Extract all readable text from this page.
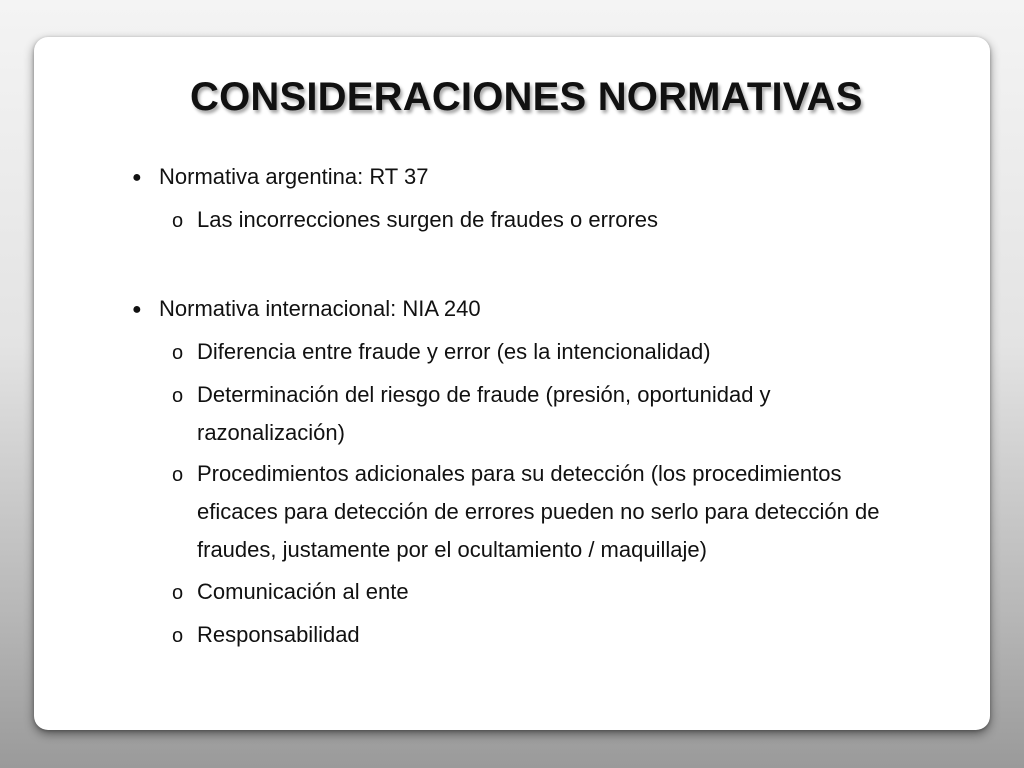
CONSIDERACIONES NORMATIVAS
● Normativa argentina: RT 37
o Las incorrecciones surgen de fraudes o errores
● Normativa internacional: NIA 240
o Diferencia entre fraude y error (es la intencionalidad)
o Determinación del riesgo de fraude (presión, oportunidad y
razonalización)
o Procedimientos adicionales para su detección (los procedimientos
eficaces para detección de errores pueden no serlo para detección de
fraudes, justamente por el ocultamiento / maquillaje)
o Comunicación al ente
o Responsabilidad
